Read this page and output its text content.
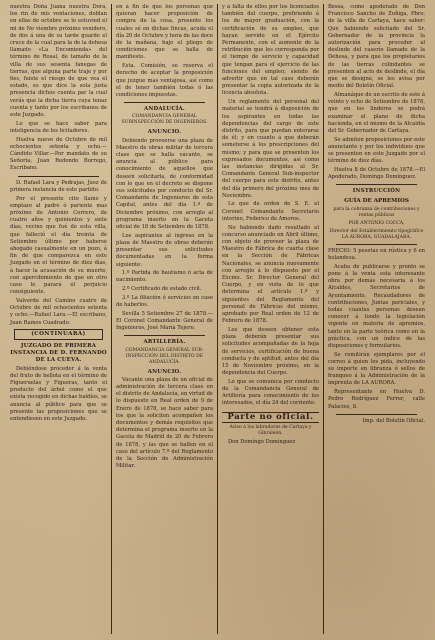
nuestra Doña Juana nuestra Dora, los rin de mis ventaciones, doblan en ellas de octubre se lo estuvied el mi de No viembre próximo venidero, de dos á una de su tarde guarde el cruce de la cual para la de la dehesa llamado «La Encomienda» del término de Rosal, de tamaño de la villa de sus sesenta fanegas de tierras, que alguna parte traje y por 6es, fuiste el riesgo de que vea el estado, es que dice la sola justa presencia dichos cuenta par la cual verás que la dicha tierra cuya tenaz cuenta y tanto por los escribanos de este Juzgado.

Lo que se hace saber para inteligencia de los licitadores.

Huelva nueve de Octubre de mil ochocientos setenta y ocho.—Cándido Villar.—Por mandato de su Señoría, Juan Redondo Borrego, Escribano.

D. Rafael Lara y Pedrajas, Juez de primera instancia de este partido.

Por el presente cito llamo y emplazo al padre ó pariente mas próximo de Antonio Cerrero, de cuatro años y quinientos y siete días, vecino que fué de esta villa, que falleció el día treinta de Setiembre último por haberse ahogado casualmente en un pozo, á fin de que comparezca en este Juzgado en el término de diez días, á hacer la acusación de su muerte, con apercibimiento de que en otro caso le parará el perjuicio consiguiente.

Valverde del Camino cuatro de Octubre de mil ochocientos setenta y ocho.—Rafael Lara.—El escribano, Juan Ramos Cuadrado.

(CONTINUARÁ)
JUZGADO DE PRIMERA INSTANCIA DE D. FERNANDO DE LA CUEVA.

Debiéndose proceder á la venta del fruto de bellota en el término de Figueruelas y Figueras, tanto el producto del árbol como el que exista recogido en dichas baldíos, se anuncia al público para que se presente las proposiciones que se entendiesen en este Juzgado.

en á fin de que los personas que quieran hacer proposición de compra de la cosa, presente los cuales sé en dichas fincas, acuda el día 20 de Octubre y hora de las doce de la mañana, bajo el pliego de condiciones que se halla de manifiesto.

Esta. Comisión, se reserva el derecho de aceptar la proposición que juzgue mas ventajosa, así como el de tener también todas ó las condiciones impuestas.

ANDALUCÍA.
COMANDANCIA GENERAL SUBINSPECCIÓN DE INGENIEROS.
ANUNCIO.

Debiendo proveerse una plaza de Maestro de obras militar de tercera clase que se halla vacante, se anuncia al público para conocimiento de aquellos que deseen solicitarla, de conformidad con lo que en el decreto se dispone sus solicitudes por conducto del Sr. Comandante de Ingenieros de esta Capital, antes del día 1.º de Diciembre próximo, con arreglo al programa inserto en la Gaceta oficial de 18 de Setiembre de 1878.

Los aspirantes al ingreso en la plaza de Maestro de obras deberán presentar sus solicitudes documentadas en la forma siguiente:

1.º Partida de bautismo ó acta de nacimiento.

2.º Certificado de estado civil.

3.º La filiación ó servicios en caso de haberlos.

Sevilla 5 Setiembre 27 de 1878.—El Coronel Comandante General de Ingenieros, José María Tejero.

ARTILLERÍA.
COMANDANCIA GENERAL SUB-INSPECCIÓN DEL DISTRITO DE ANDALUCÍA.
ANUNCIO.

Vacante una plaza de un oficial de administración de tercera clase en el distrito de Andalucía, en virtud de lo dispuesto en Real orden de 9 de Enero de 1878, se hace saber para los que la soliciten acompañen los documentos y demás requisitos que determina el programa inserto en la Gaceta de Madrid de 20 de Febrero de 1878, y las que se hallen en el caso del artículo 7.º del Reglamento de la Sección de Administración Militar.

y á falta de ellos por los licenciados también del cuerpo, prefiriendo á los de mayor graduación, con la certificación de su empleo, que hayan servido en el Ejército Permanente, con el aumento de la retribución que les corresponda por el tiempo de servicio y capacidad que tengan para el ejercicio de las funciones del empleo; siendo de advertir que en tal caso deberán presentar la copia autorizada de la licencia absoluta.

Un reglamento del personal del material se tendrá á disposición de los aspirantes en todas las dependencias del cargo de este distrito, para que puedan enterarse de él; y en cuanto á que deberán someterse á los prescripciones del mismo; y para que se presenten los expresados documentos, así como las instancias dirigidas al Sr. Comandante General Sub-inspector del cuerpo para este distrito, antes del día primero del próximo mes de Noviembre.

Lo que de orden de S. E. el Coronel Comandante Secretario interino, Federico de Amores.

No habiendo dado resultado el concurso anunciado en Abril último, con objeto de proveer la plaza de Maestro de Fábrica de cuarta clase en la Sección de Fábricas Nacionales, se anuncia nuevamente con arreglo á lo dispuesto por el Excmo. Sr. Director General del Cuerpo, y en vista de lo que determina el artículo 1.º y siguientes del Reglamento del personal de Fábricas del mismo, aprobado por Real orden de 12 de Febrero de 1878.

Los que deseen obtener esta plaza deberán presentar sus solicitudes acompañadas de la hoja de servicios, certificación de buena conducta y de aptitud, antes del día 15 de Noviembre próximo, en la dependencia del Cuerpo.

Lo que se comunica por conducto de la Comandancia General de Artillería para conocimiento de los interesados, el día 24 del corriente.

Parte no oficial.
Aviso á los labradores de Cartaya y Gibraleón.

Don Domingo Domínguez

Bessa, como apoderado de Don Francisco Sancho de Zuñiga, Pbro. de la villa de Cartaya, hace saber: Que habiendo solicitado del Sr. Gobernador de la provincia la autorización para proceder al deslinde del caserío llamado de la Dehesa, y para que los propietarios de las tierras colindantes se presenten al acto de deslinde, el día que se designe, se les avisa por medio del Boletín Oficial.

Almanáque de un escrito de este á veinte y ocho de Setiembre de 1878, que en los linderos se podrá examinar el plano de dicha hacienda, en el mismo de la Alcaldía del Sr. Gobernador de Cartaya.

Se admiten proposiciones por este anunciante y por los individuos que se presenten en este Juzgado por el término de diez días.

Huelva 8 de Octubre de 1878.—El Apoderado, Domingo Domínguez.

INSTRUCCIÓN
GUÍA DE APREMIOS
para la cobranza de contribuciones y rentas públicas
POR ANTONIO COCCA,
Director del Establecimiento tipográfico LA AURORA, GUADALAJARA.

PRECIO: 5 pesetas en rústica y 6 en holandesa.

Acaba de publicarse y pronto se pone á la venta esta interesante obra por demás necesaria á los Alcaldes, Secretarios de Ayuntamiento, Recaudadores de contribuciones, Juntas periciales, y todas cuantas personas deseen conocer á fondo la legislación vigente en materia de apremios, tanto en la parte teórica como en la práctica, con un índice de las disposiciones y formularios.

Se remitirán ejemplares por el correo á quien los pida, incluyendo su importe en libranza ó sellos de franqueo á la Administración de la imprenta de LA AURORA.

Representante en Huelva D. Pedro Rodríguez Ferrer, calle Palacios, 8.

Imp. del Boletín Oficial.
